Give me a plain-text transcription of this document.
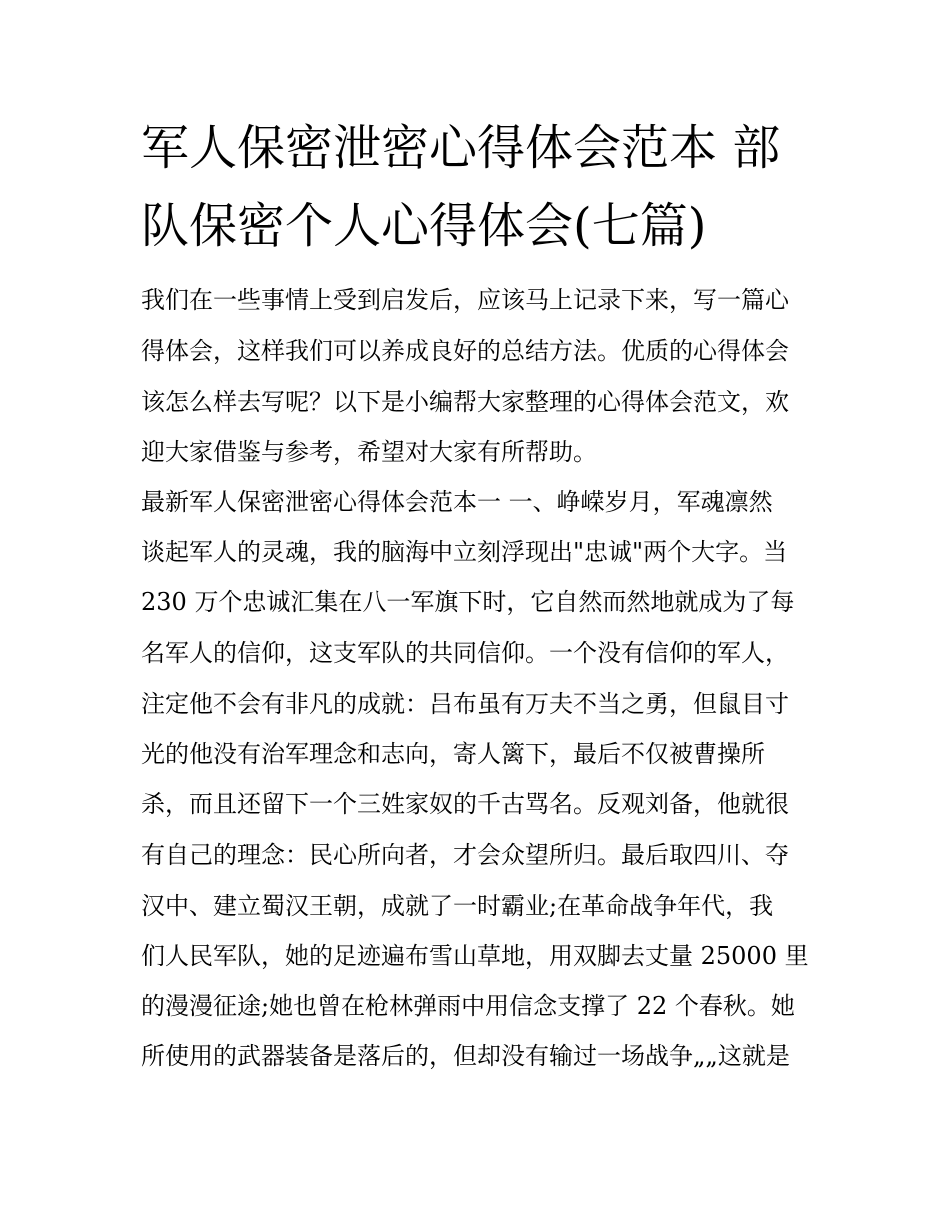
军人保密泄密心得体会范本 部
队保密个人心得体会(七篇)

我们在一些事情上受到启发后，应该马上记录下来，写一篇心

得体会，这样我们可以养成良好的总结方法。优质的心得体会

该怎么样去写呢？以下是小编帮大家整理的心得体会范文，欢

迎大家借鉴与参考，希望对大家有所帮助。

最新军人保密泄密心得体会范本一 一、峥嵘岁月，军魂凛然

谈起军人的灵魂，我的脑海中立刻浮现出"忠诚"两个大字。当

230 万个忠诚汇集在八一军旗下时，它自然而然地就成为了每

名军人的信仰，这支军队的共同信仰。一个没有信仰的军人，

注定他不会有非凡的成就：吕布虽有万夫不当之勇，但鼠目寸

光的他没有治军理念和志向，寄人篱下，最后不仅被曹操所

杀，而且还留下一个三姓家奴的千古骂名。反观刘备，他就很

有自己的理念：民心所向者，才会众望所归。最后取四川、夺

汉中、建立蜀汉王朝，成就了一时霸业;在革命战争年代，我

们人民军队，她的足迹遍布雪山草地，用双脚去丈量 25000 里

的漫漫征途;她也曾在枪林弹雨中用信念支撑了 22 个春秋。她

所使用的武器装备是落后的，但却没有输过一场战争„„这就是
